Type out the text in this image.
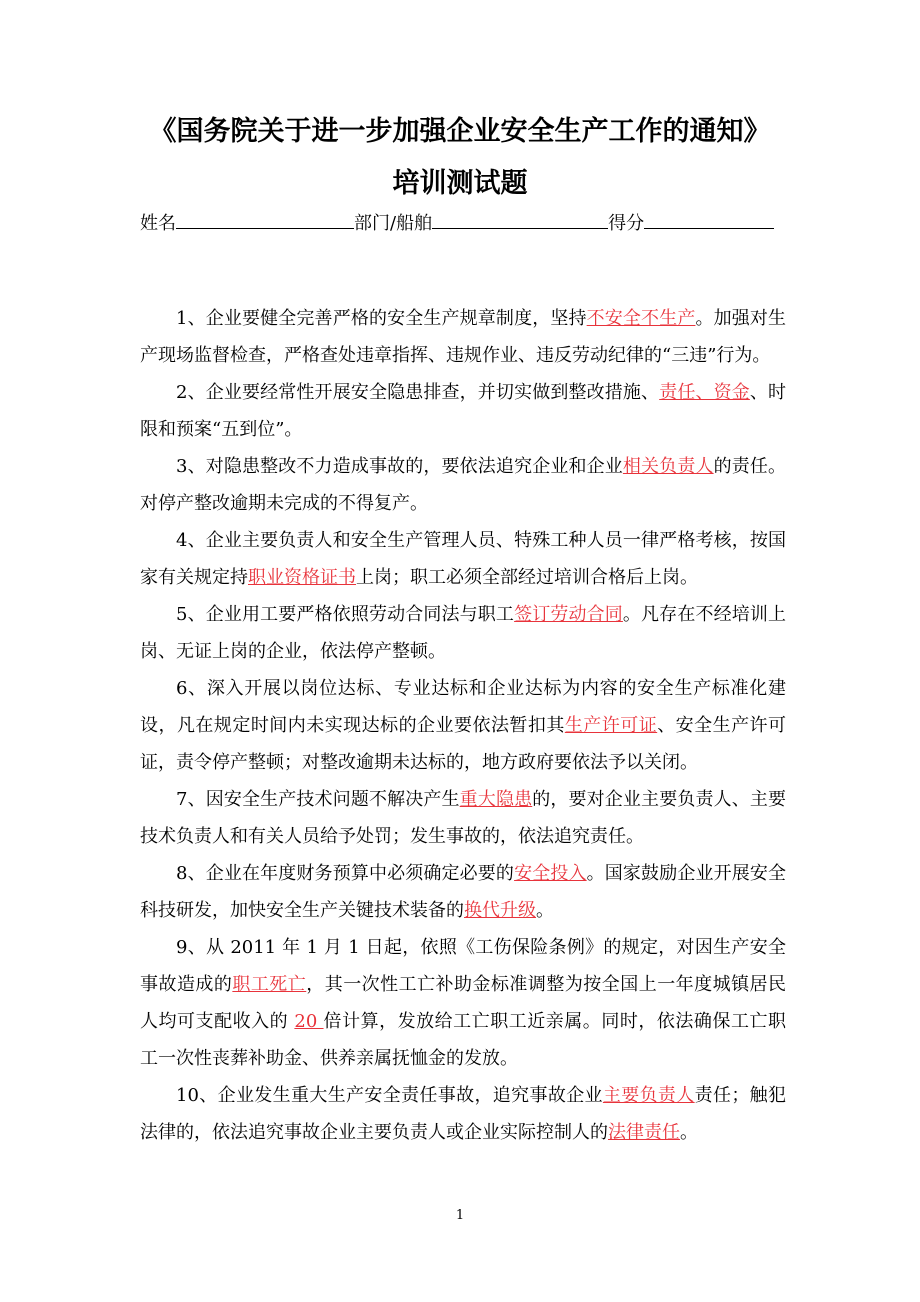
《国务院关于进一步加强企业安全生产工作的通知》
培训测试题
姓名	部门/船舶	得分

1、企业要健全完善严格的安全生产规章制度，坚持不安全不生产。加强对生产现场监督检查，严格查处违章指挥、违规作业、违反劳动纪律的“三违”行为。

2、企业要经常性开展安全隐患排查，并切实做到整改措施、责任、资金、时限和预案“五到位”。

3、对隐患整改不力造成事故的，要依法追究企业和企业相关负责人的责任。对停产整改逾期未完成的不得复产。

4、企业主要负责人和安全生产管理人员、特殊工种人员一律严格考核，按国家有关规定持职业资格证书上岗；职工必须全部经过培训合格后上岗。

5、企业用工要严格依照劳动合同法与职工签订劳动合同。凡存在不经培训上岗、无证上岗的企业，依法停产整顿。

6、深入开展以岗位达标、专业达标和企业达标为内容的安全生产标准化建设，凡在规定时间内未实现达标的企业要依法暂扣其生产许可证、安全生产许可证，责令停产整顿；对整改逾期未达标的，地方政府要依法予以关闭。

7、因安全生产技术问题不解决产生重大隐患的，要对企业主要负责人、主要技术负责人和有关人员给予处罚；发生事故的，依法追究责任。

8、企业在年度财务预算中必须确定必要的安全投入。国家鼓励企业开展安全科技研发，加快安全生产关键技术装备的换代升级。

9、从 2011 年 1 月 1 日起，依照《工伤保险条例》的规定，对因生产安全事故造成的职工死亡，其一次性工亡补助金标准调整为按全国上一年度城镇居民人均可支配收入的 20 倍计算，发放给工亡职工近亲属。同时，依法确保工亡职工一次性丧葬补助金、供养亲属抚恤金的发放。

10、企业发生重大生产安全责任事故，追究事故企业主要负责人责任；触犯法律的，依法追究事故企业主要负责人或企业实际控制人的法律责任。

1
